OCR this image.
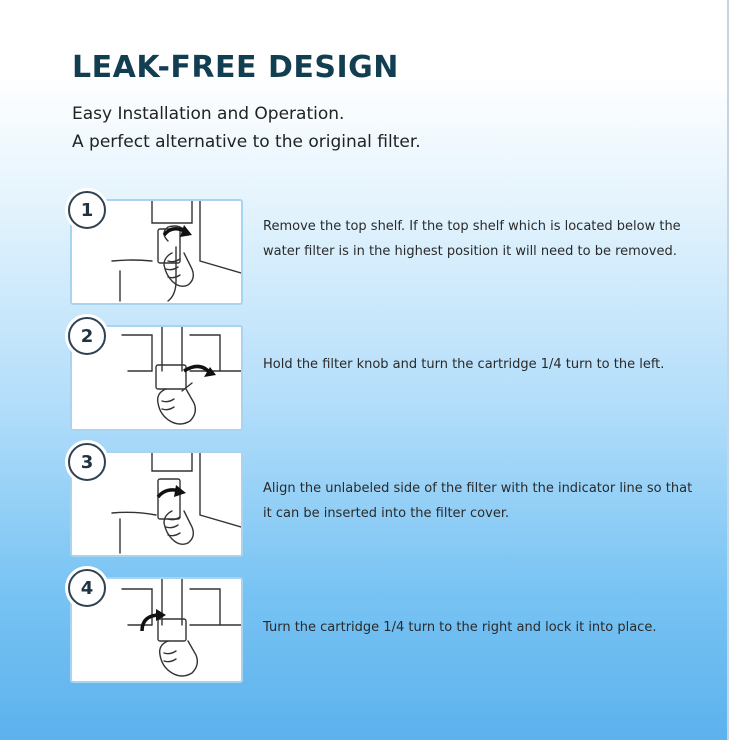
LEAK-FREE DESIGN

Easy Installation and Operation.

A perfect alternative to the original filter.

1

Remove the top shelf. If the top shelf which is located below the water filter is in the highest position it will need to be removed.

2

Hold the filter knob and turn the cartridge 1/4 turn to the left.

3

Align the unlabeled side of the filter with the indicator line so that it can be inserted into the filter cover.

4

Turn the cartridge 1/4 turn to the right and lock it into place.
